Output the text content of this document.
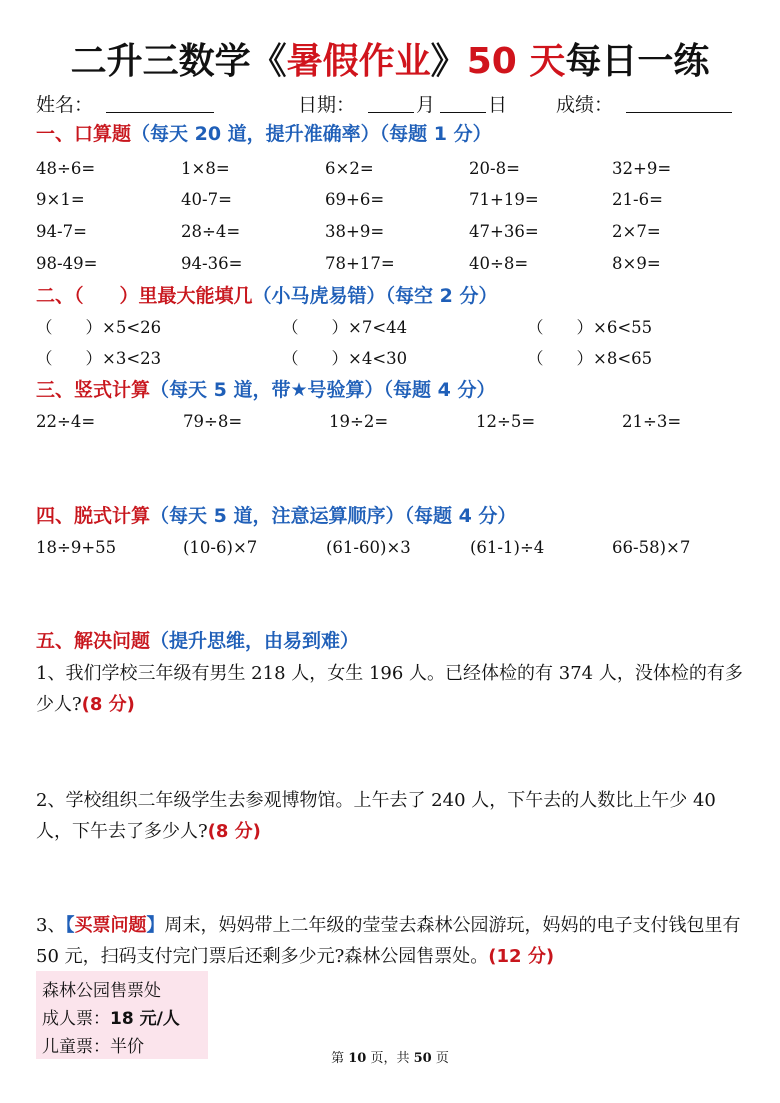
二升三数学《暑假作业》50 天每日一练
姓名：	日期：	月	日	成绩：
一、口算题（每天 20 道，提升准确率）（每题 1 分）
48÷6=	1×8=	6×2=	20-8=	32+9=
9×1=	40-7=	69+6=	71+19=	21-6=
94-7=	28÷4=	38+9=	47+36=	2×7=
98-49=	94-36=	78+17=	40÷8=	8×9=
二、（ ）里最大能填几（小马虎易错）（每空 2 分）
（　　）×5<26	（　　）×7<44	（　　）×6<55
（　　）×3<23	（　　）×4<30	（　　）×8<65
三、竖式计算（每天 5 道，带★号验算）（每题 4 分）
22÷4=	79÷8=	19÷2=	12÷5=	21÷3=
四、脱式计算（每天 5 道，注意运算顺序）（每题 4 分）
18÷9+55	(10-6)×7	(61-60)×3	(61-1)÷4	66-58)×7
五、解决问题（提升思维，由易到难）
1、我们学校三年级有男生 218 人，女生 196 人。已经体检的有 374 人，没体检的有多少人?(8 分)
2、学校组织二年级学生去参观博物馆。上午去了 240 人，下午去的人数比上午少 40 人，下午去了多少人?(8 分)
3、【买票问题】周末，妈妈带上二年级的莹莹去森林公园游玩，妈妈的电子支付钱包里有 50 元，扫码支付完门票后还剩多少元?森林公园售票处。(12 分)
森林公园售票处
成人票：18 元/人
儿童票：半价
第 10 页，共 50 页
